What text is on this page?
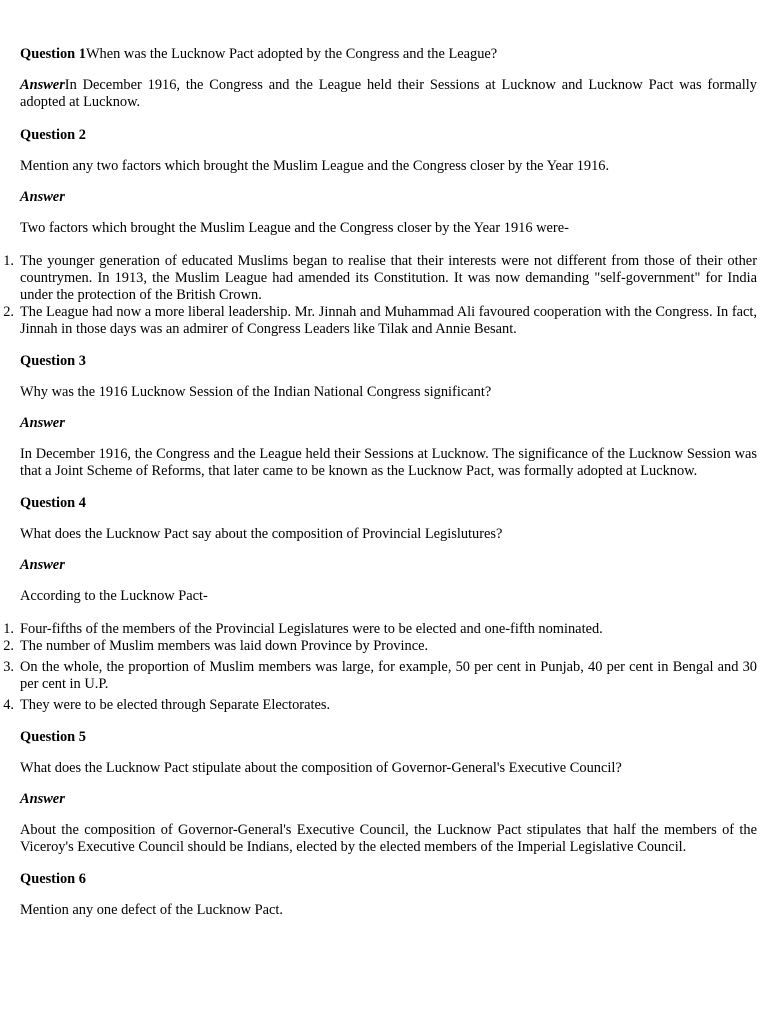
Question 1When was the Lucknow Pact adopted by the Congress and the League?

AnswerIn December 1916, the Congress and the League held their Sessions at Lucknow and Lucknow Pact was formally adopted at Lucknow.

Question 2

Mention any two factors which brought the Muslim League and the Congress closer by the Year 1916.

Answer

Two factors which brought the Muslim League and the Congress closer by the Year 1916 were-

1. The younger generation of educated Muslims began to realise that their interests were not different from those of their other countrymen. In 1913, the Muslim League had amended its Constitution. It was now demanding "self-government" for India under the protection of the British Crown.
2. The League had now a more liberal leadership. Mr. Jinnah and Muhammad Ali favoured cooperation with the Congress. In fact, Jinnah in those days was an admirer of Congress Leaders like Tilak and Annie Besant.

Question 3

Why was the 1916 Lucknow Session of the Indian National Congress significant?

Answer

In December 1916, the Congress and the League held their Sessions at Lucknow. The significance of the Lucknow Session was that a Joint Scheme of Reforms, that later came to be known as the Lucknow Pact, was formally adopted at Lucknow.

Question 4

What does the Lucknow Pact say about the composition of Provincial Legislutures?

Answer

According to the Lucknow Pact-

1. Four-fifths of the members of the Provincial Legislatures were to be elected and one-fifth nominated.
2. The number of Muslim members was laid down Province by Province.
3. On the whole, the proportion of Muslim members was large, for example, 50 per cent in Punjab, 40 per cent in Bengal and 30 per cent in U.P.
4. They were to be elected through Separate Electorates.

Question 5

What does the Lucknow Pact stipulate about the composition of Governor-General's Executive Council?

Answer

About the composition of Governor-General's Executive Council, the Lucknow Pact stipulates that half the members of the Viceroy's Executive Council should be Indians, elected by the elected members of the Imperial Legislative Council.

Question 6

Mention any one defect of the Lucknow Pact.
